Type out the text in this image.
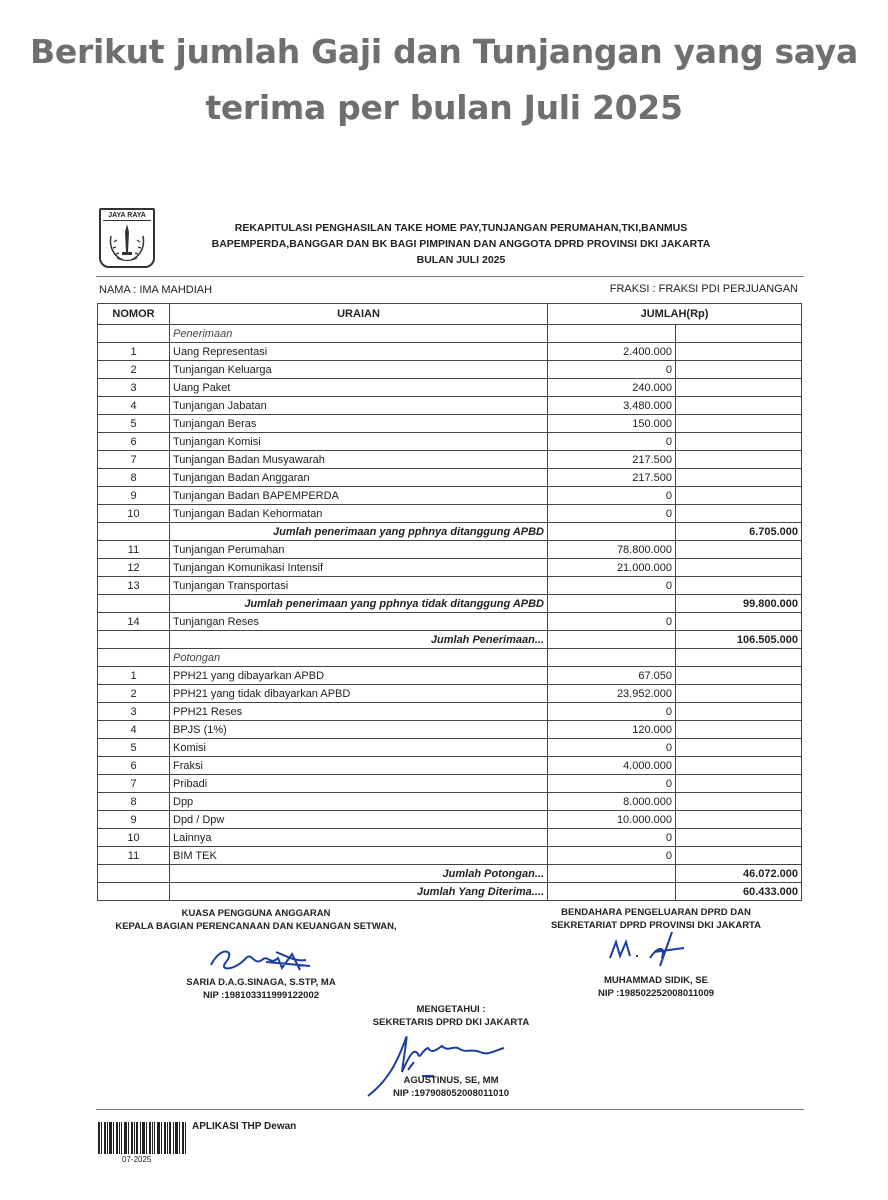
Berikut jumlah Gaji dan Tunjangan yang saya terima per bulan Juli 2025
JAYA RAYA
REKAPITULASI PENGHASILAN TAKE HOME PAY,TUNJANGAN PERUMAHAN,TKI,BANMUS
BAPEMPERDA,BANGGAR DAN BK BAGI PIMPINAN DAN ANGGOTA DPRD PROVINSI DKI JAKARTA
BULAN JULI 2025
NAMA : IMA MAHDIAH	FRAKSI : FRAKSI PDI PERJUANGAN
NOMOR	URAIAN	JUMLAH(Rp)	
	Penerimaan		
1	Uang Representasi	2.400.000	
2	Tunjangan Keluarga	0	
3	Uang Paket	240.000	
4	Tunjangan Jabatan	3.480.000	
5	Tunjangan Beras	150.000	
6	Tunjangan Komisi	0	
7	Tunjangan Badan Musyawarah	217.500	
8	Tunjangan Badan Anggaran	217.500	
9	Tunjangan Badan BAPEMPERDA	0	
10	Tunjangan Badan Kehormatan	0	
	Jumlah penerimaan yang pphnya ditanggung APBD		6.705.000
11	Tunjangan Perumahan	78.800.000	
12	Tunjangan Komunikasi Intensif	21.000.000	
13	Tunjangan Transportasi	0	
	Jumlah penerimaan yang pphnya tidak ditanggung APBD		99.800.000
14	Tunjangan Reses	0	
	Jumlah Penerimaan...		106.505.000
	Potongan		
1	PPH21 yang dibayarkan APBD	67.050	
2	PPH21 yang tidak dibayarkan APBD	23.952.000	
3	PPH21 Reses	0	
4	BPJS (1%)	120.000	
5	Komisi	0	
6	Fraksi	4.000.000	
7	Pribadi	0	
8	Dpp	8.000.000	
9	Dpd / Dpw	10.000.000	
10	Lainnya	0	
11	BIM TEK	0	
	Jumlah Potongan...		46.072.000
	Jumlah Yang Diterima....		60.433.000
KUASA PENGGUNA ANGGARAN
KEPALA BAGIAN PERENCANAAN DAN KEUANGAN SETWAN,
SARIA D.A.G.SINAGA, S.STP, MA
NIP :198103311999122002
BENDAHARA PENGELUARAN DPRD DAN
SEKRETARIAT DPRD PROVINSI DKI JAKARTA
MUHAMMAD SIDIK, SE
NIP :198502252008011009
MENGETAHUI :
SEKRETARIS DPRD DKI JAKARTA
AGUSTINUS, SE, MM
NIP :197908052008011010
07-2025
APLIKASI THP Dewan
